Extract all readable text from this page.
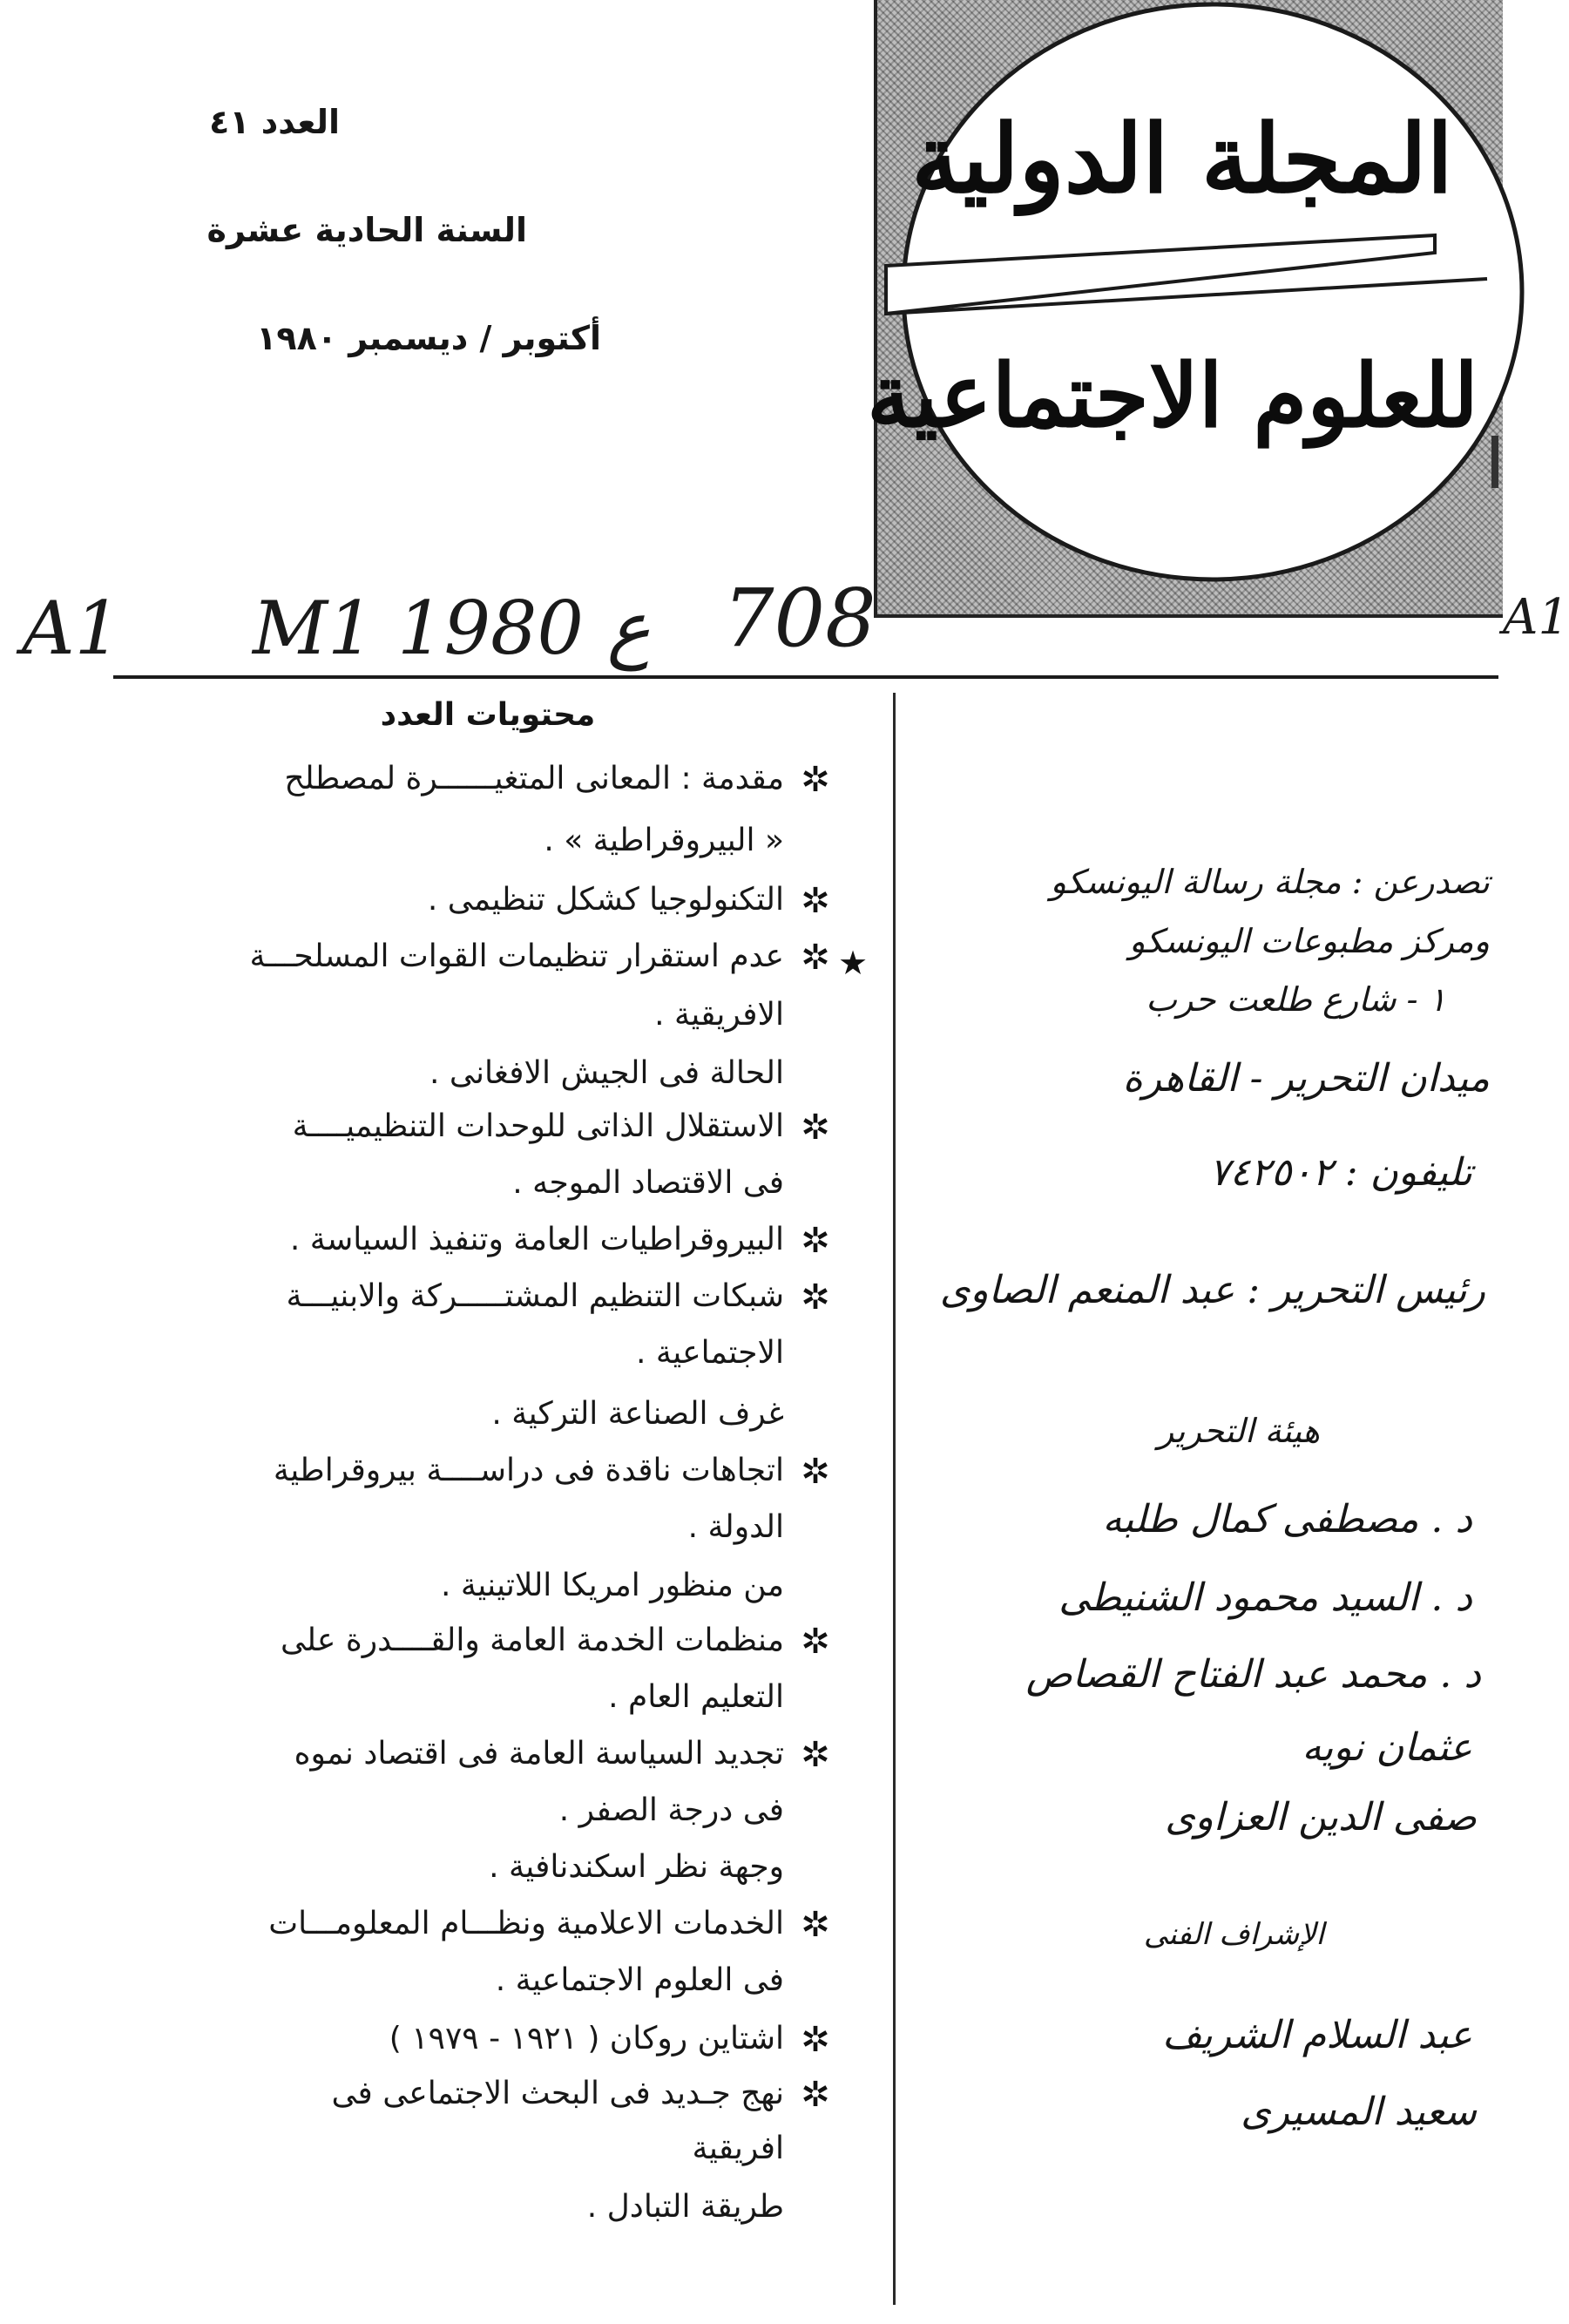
العدد ٤١
السنة الحادية عشرة
أكتوبر / ديسمبر ١٩٨٠
المجلة الدولية
للعلوم الاجتماعية
A1 M1 ع 1980 708	A1
محتويات العدد
مقدمة : المعانى المتغيــــــرة لمصطلح
« البيروقراطية » .
التكنولوجيا كشكل تنظيمى .
عدم استقرار تنظيمات القوات المسلحـــة
الافريقية .
الحالة فى الجيش الافغانى .
الاستقلال الذاتى للوحدات التنظيميــــة
فى الاقتصاد الموجه .
البيروقراطيات العامة وتنفيذ السياسة .
شبكات التنظيم المشتـــــركة والابنيـــة
الاجتماعية .
غرف الصناعة التركية .
اتجاهات ناقدة فى دراســــة بيروقراطية
الدولة .
من منظور امريكا اللاتينية .
منظمات الخدمة العامة والقــــدرة على
التعليم العام .
تجديد السياسة العامة فى اقتصاد نموه
فى درجة الصفر .
وجهة نظر اسكندنافية .
الخدمات الاعلامية ونظـــام المعلومـــات
فى العلوم الاجتماعية .
اشتاين روكان ( ١٩٢١ - ١٩٧٩ )
نهج جـديد فى البحث الاجتماعى فى
افريقية
طريقة التبادل .
✲
✲
✲
✲
✲
✲
✲
✲
✲
✲
✲
✲
★
تصدرعن : مجلة رسالة اليونسكو
ومركز مطبوعات اليونسكو
١ - شارع طلعت حرب
ميدان التحرير - القاهرة
تليفون : ٧٤٢٥٠٢
رئيس التحرير : عبد المنعم الصاوى
هيئة التحرير
د . مصطفى كمال طلبه
د . السيد محمود الشنيطى
د . محمد عبد الفتاح القصاص
عثمان نويه
صفى الدين العزاوى
الإشراف الفنى
عبد السلام الشريف
سعيد المسيرى
